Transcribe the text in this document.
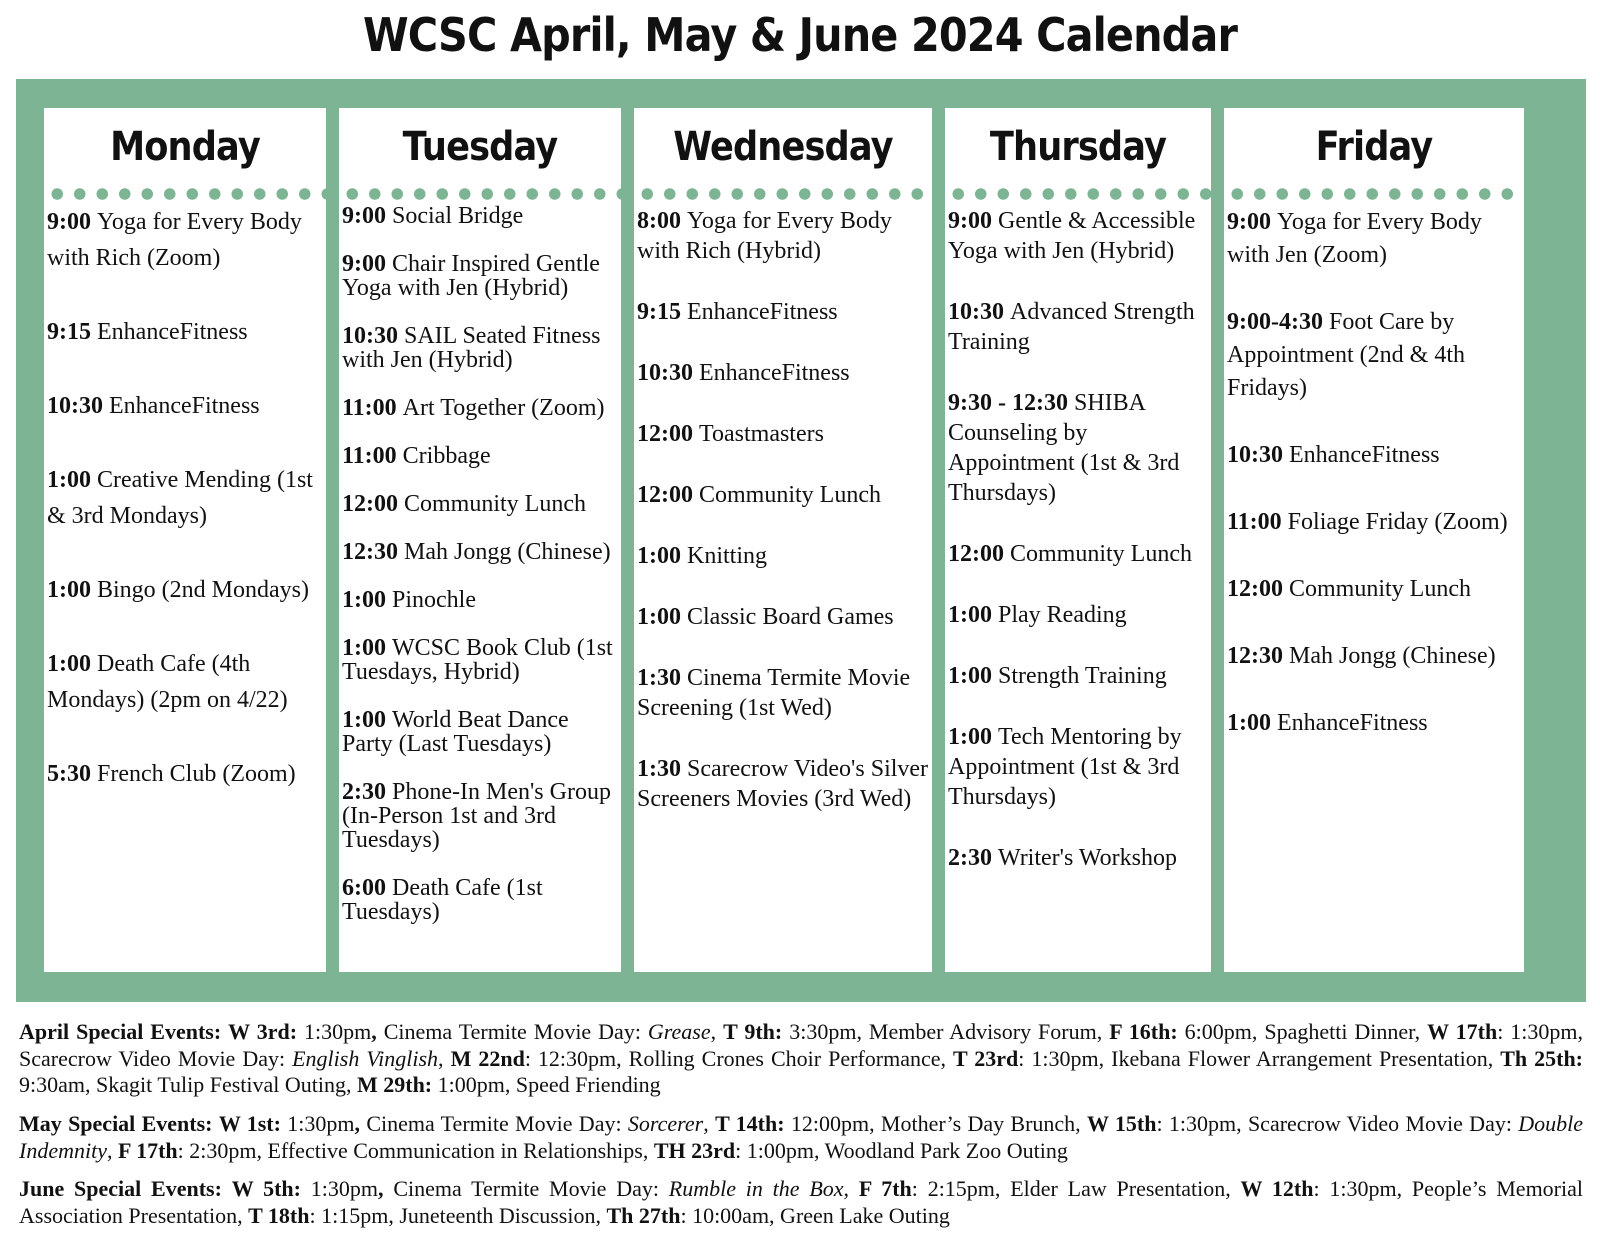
WCSC April, May & June 2024 Calendar
Monday
9:00 Yoga for Every Body with Rich (Zoom)
9:15 EnhanceFitness
10:30 EnhanceFitness
1:00 Creative Mending (1st & 3rd Mondays)
1:00 Bingo (2nd Mondays)
1:00 Death Cafe (4th Mondays) (2pm on 4/22)
5:30 French Club (Zoom)
Tuesday
9:00 Social Bridge
9:00 Chair Inspired Gentle Yoga with Jen (Hybrid)
10:30 SAIL Seated Fitness with Jen (Hybrid)
11:00 Art Together (Zoom)
11:00 Cribbage
12:00 Community Lunch
12:30 Mah Jongg (Chinese)
1:00 Pinochle
1:00 WCSC Book Club (1st Tuesdays, Hybrid)
1:00 World Beat Dance Party (Last Tuesdays)
2:30 Phone-In Men's Group (In-Person 1st and 3rd Tuesdays)
6:00 Death Cafe (1st Tuesdays)
Wednesday
8:00 Yoga for Every Body with Rich (Hybrid)
9:15 EnhanceFitness
10:30 EnhanceFitness
12:00 Toastmasters
12:00 Community Lunch
1:00 Knitting
1:00 Classic Board Games
1:30 Cinema Termite Movie Screening (1st Wed)
1:30 Scarecrow Video's Silver Screeners Movies (3rd Wed)
Thursday
9:00 Gentle & Accessible Yoga with Jen (Hybrid)
10:30 Advanced Strength Training
9:30 - 12:30 SHIBA Counseling by Appointment (1st & 3rd Thursdays)
12:00 Community Lunch
1:00 Play Reading
1:00 Strength Training
1:00 Tech Mentoring by Appointment (1st & 3rd Thursdays)
2:30 Writer's Workshop
Friday
9:00 Yoga for Every Body with Jen (Zoom)
9:00-4:30 Foot Care by Appointment (2nd & 4th Fridays)
10:30 EnhanceFitness
11:00 Foliage Friday (Zoom)
12:00 Community Lunch
12:30 Mah Jongg (Chinese)
1:00 EnhanceFitness

April Special Events: W 3rd: 1:30pm, Cinema Termite Movie Day: Grease, T 9th: 3:30pm, Member Advisory Forum, F 16th: 6:00pm, Spaghetti Dinner, W 17th: 1:30pm, Scarecrow Video Movie Day: English Vinglish, M 22nd: 12:30pm, Rolling Crones Choir Performance, T 23rd: 1:30pm, Ikebana Flower Arrangement Presentation, Th 25th: 9:30am, Skagit Tulip Festival Outing, M 29th: 1:00pm, Speed Friending

May Special Events: W 1st: 1:30pm, Cinema Termite Movie Day: Sorcerer, T 14th: 12:00pm, Mother’s Day Brunch, W 15th: 1:30pm, Scarecrow Video Movie Day: Double Indemnity, F 17th: 2:30pm, Effective Communication in Relationships, TH 23rd: 1:00pm, Woodland Park Zoo Outing

June Special Events: W 5th: 1:30pm, Cinema Termite Movie Day: Rumble in the Box, F 7th: 2:15pm, Elder Law Presentation, W 12th: 1:30pm, People’s Memorial Association Presentation, T 18th: 1:15pm, Juneteenth Discussion, Th 27th: 10:00am, Green Lake Outing
